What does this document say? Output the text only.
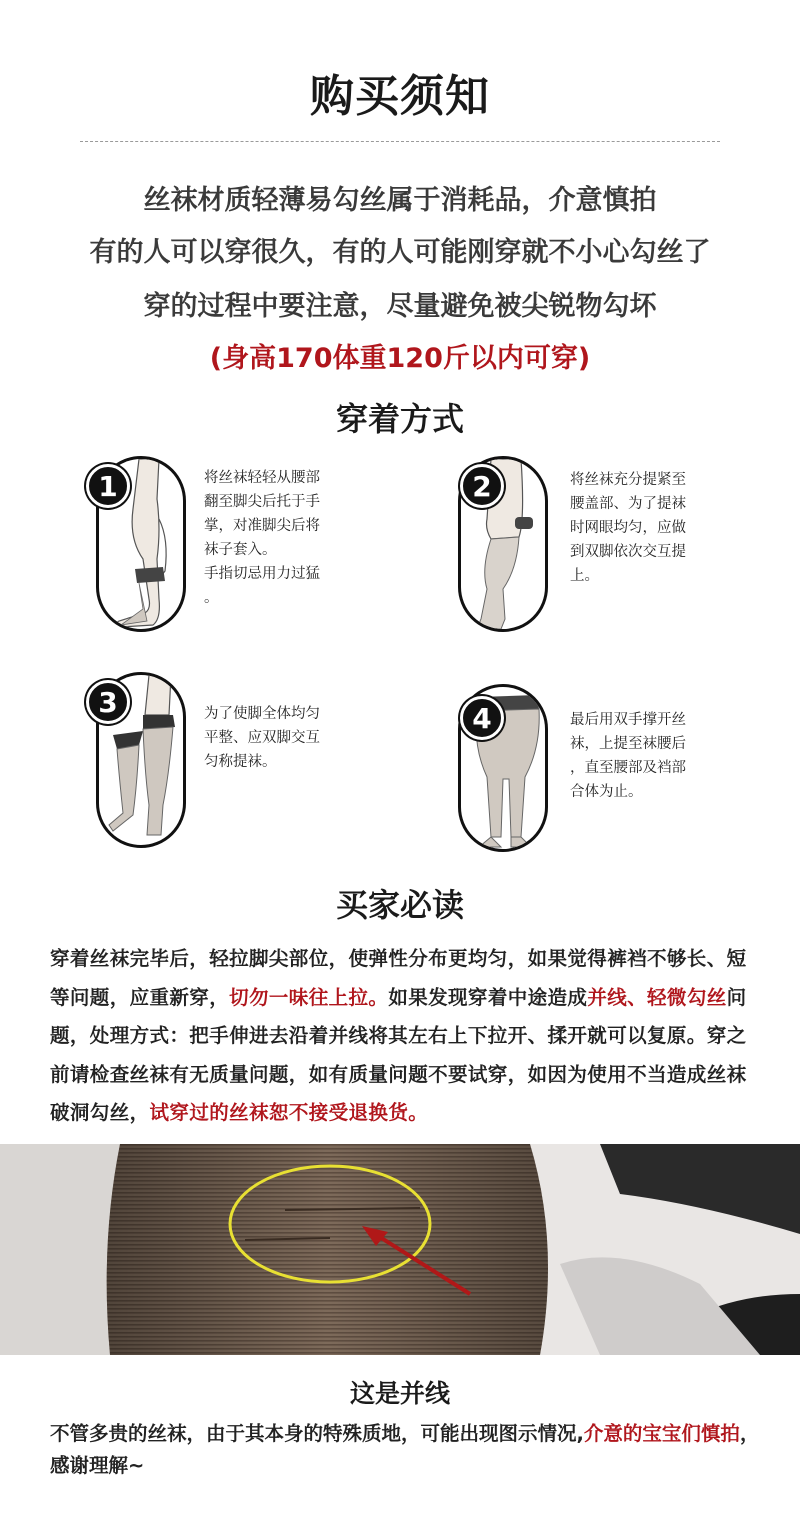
购买须知
丝袜材质轻薄易勾丝属于消耗品，介意慎拍
有的人可以穿很久，有的人可能刚穿就不小心勾丝了
穿的过程中要注意，尽量避免被尖锐物勾坏
(身高170体重120斤以内可穿)
穿着方式
1	将丝袜轻轻从腰部
翻至脚尖后托于手
掌，对准脚尖后将
袜子套入。
手指切忌用力过猛
。
2	将丝袜充分提紧至
腰盖部、为了提袜
时网眼均匀，应做
到双脚依次交互提
上。
3	为了使脚全体均匀
平整、应双脚交互
匀称提袜。
4	最后用双手撑开丝
袜，上提至袜腰后
，直至腰部及裆部
合体为止。
买家必读
穿着丝袜完毕后，轻拉脚尖部位，使弹性分布更均匀，如果觉得裤裆不够长、短等问题，应重新穿，切勿一味往上拉。如果发现穿着中途造成并线、轻微勾丝问题，处理方式：把手伸进去沿着并线将其左右上下拉开、揉开就可以复原。穿之前请检查丝袜有无质量问题，如有质量问题不要试穿，如因为使用不当造成丝袜破洞勾丝，试穿过的丝袜恕不接受退换货。
这是并线
不管多贵的丝袜，由于其本身的特殊质地，可能出现图示情况,介意的宝宝们慎拍，感谢理解~
